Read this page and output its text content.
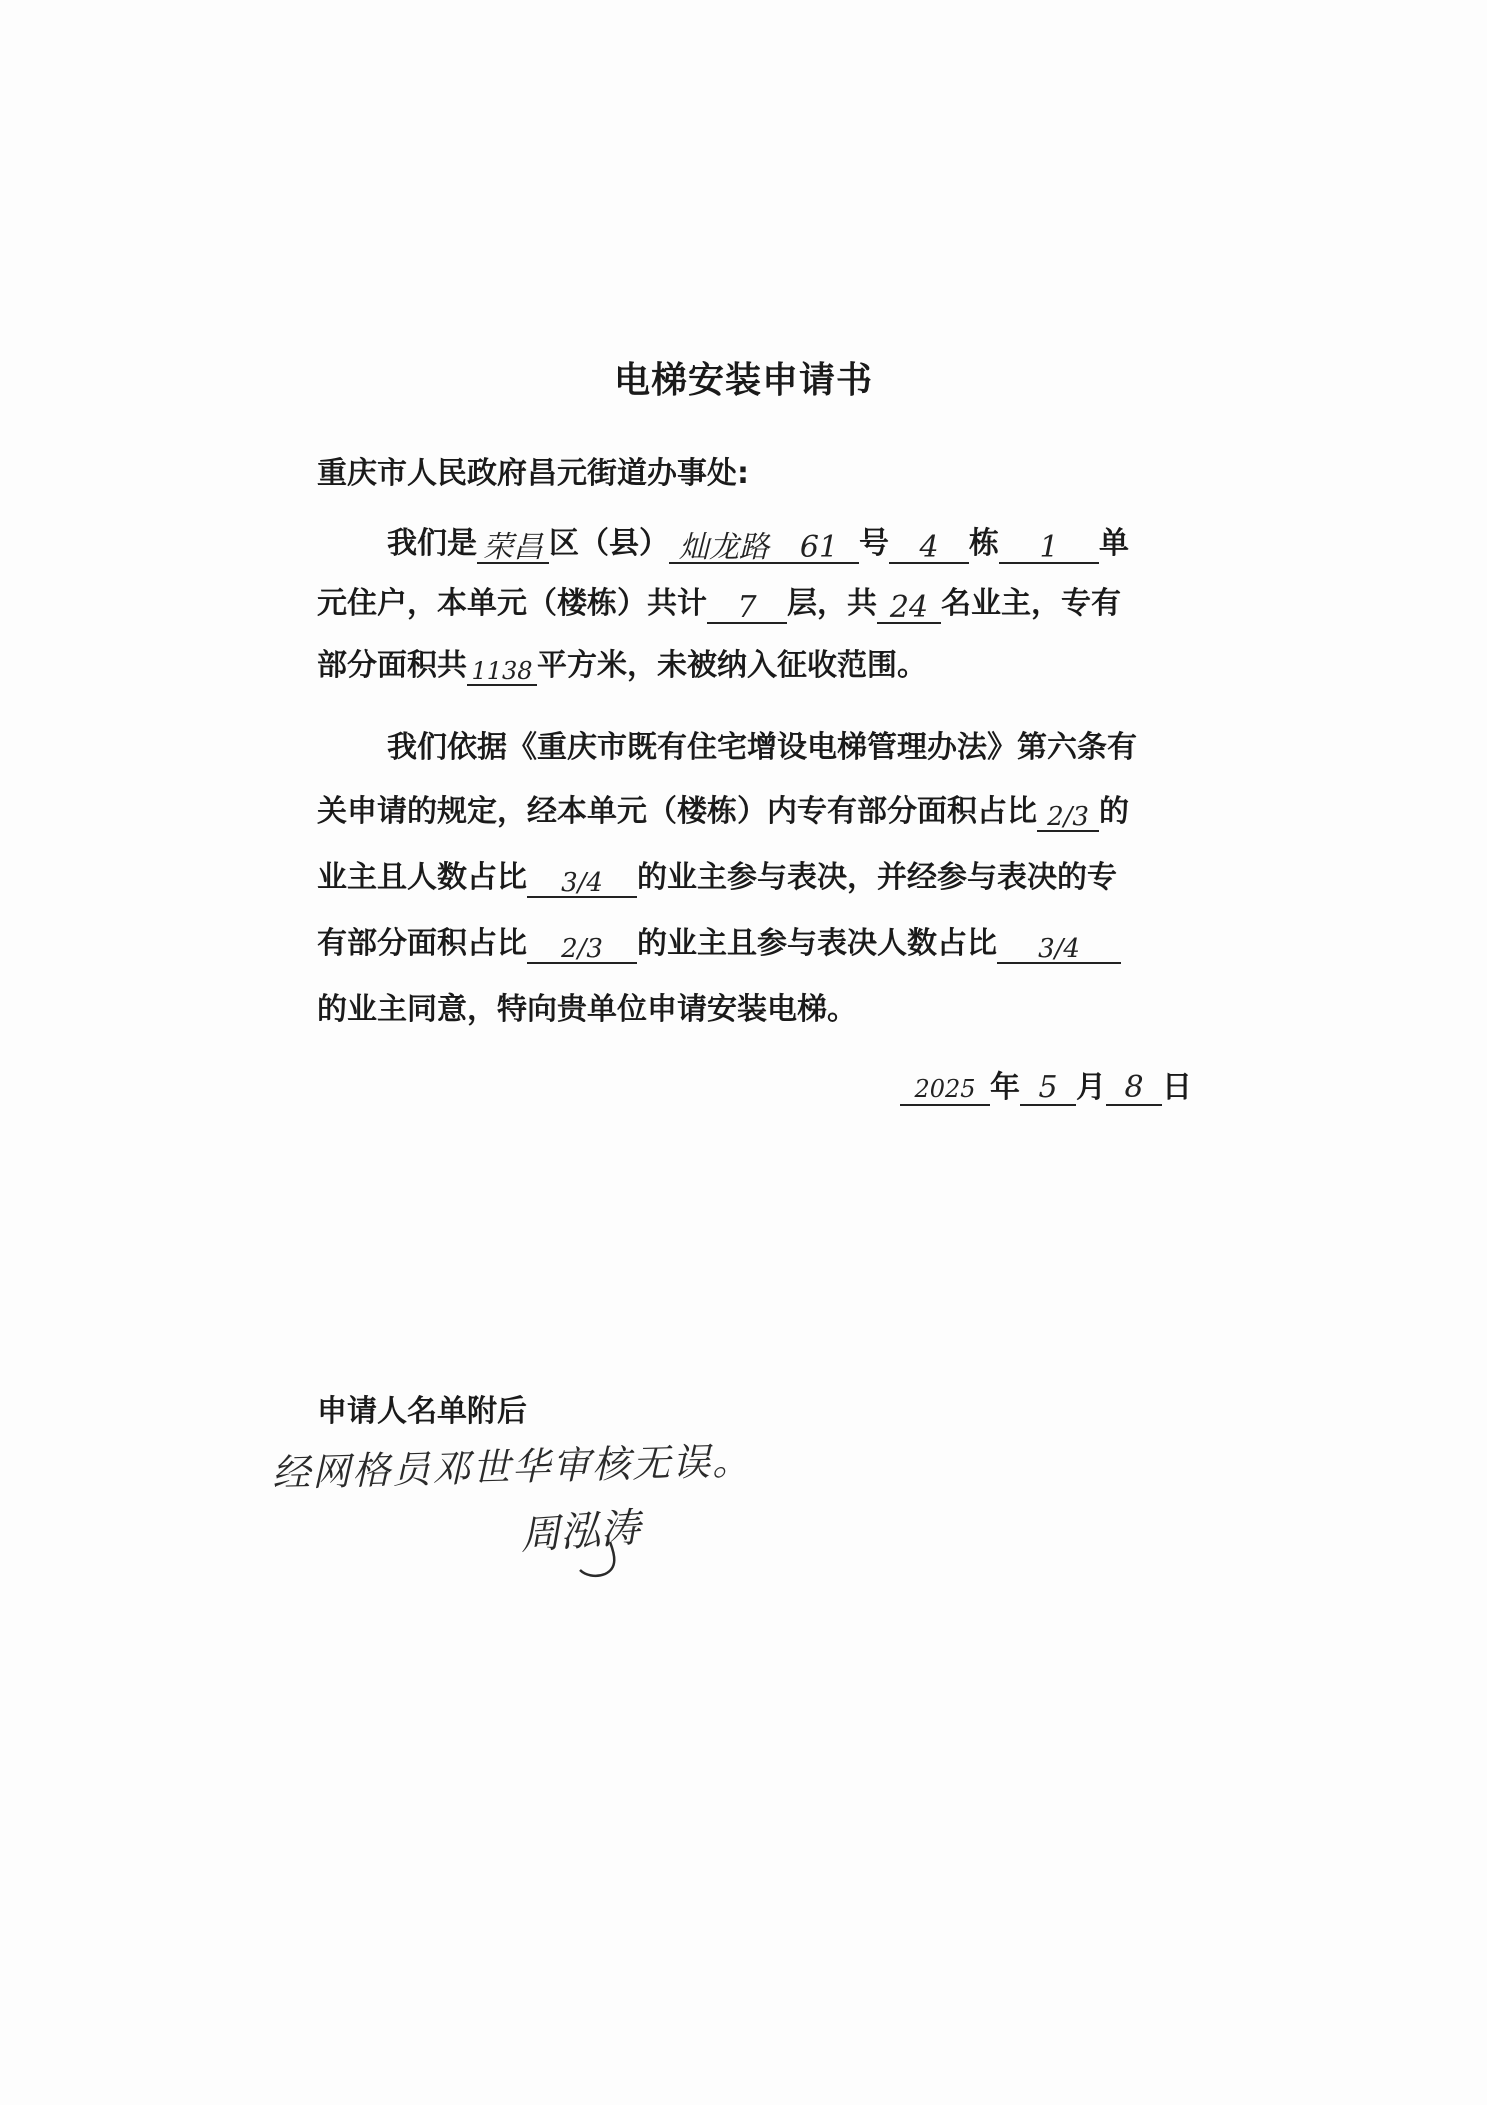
电梯安装申请书
重庆市人民政府昌元街道办事处:
我们是 荣昌 区（县） 灿龙路 61 号 4 栋 1 单
元住户，本单元（楼栋）共计 7 层，共 24 名业主，专有
部分面积共 1138 平方米，未被纳入征收范围。
我们依据《重庆市既有住宅增设电梯管理办法》第六条有
关申请的规定，经本单元（楼栋）内专有部分面积占比 2/3 的
业主且人数占比 3/4 的业主参与表决，并经参与表决的专
有部分面积占比 2/3 的业主且参与表决人数占比 3/4
的业主同意，特向贵单位申请安装电梯。
2025 年 5 月 8 日
申请人名单附后
经网格员邓世华审核无误。
周泓涛
